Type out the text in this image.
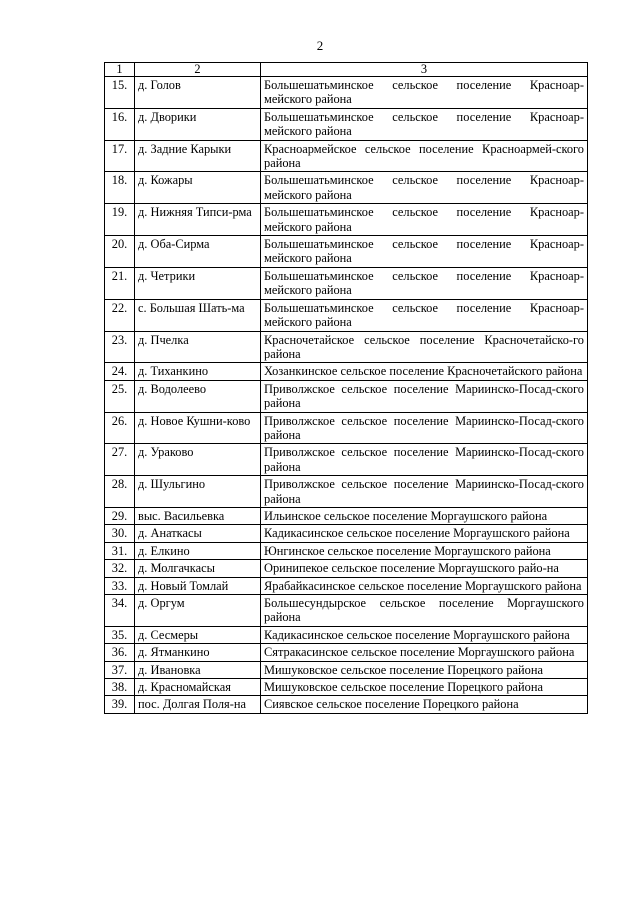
2
1	2	3
15.	д. Голов	Большешатьминское сельское поселение Красноар-мейского района
16.	д. Дворики	Большешатьминское сельское поселение Красноар-мейского района
17.	д. Задние Карыки	Красноармейское сельское поселение Красноармей-ского района
18.	д. Кожары	Большешатьминское сельское поселение Красноар-мейского района
19.	д. Нижняя Типси-рма	Большешатьминское сельское поселение Красноар-мейского района
20.	д. Оба-Сирма	Большешатьминское сельское поселение Красноар-мейского района
21.	д. Четрики	Большешатьминское сельское поселение Красноар-мейского района
22.	с. Большая Шать-ма	Большешатьминское сельское поселение Красноар-мейского района
23.	д. Пчелка	Красночетайское сельское поселение Красночетайско-го района
24.	д. Тиханкино	Хозанкинское сельское поселение Красночетайского района
25.	д. Водолеево	Приволжское сельское поселение Мариинско-Посад-ского района
26.	д. Новое Кушни-ково	Приволжское сельское поселение Мариинско-Посад-ского района
27.	д. Ураково	Приволжское сельское поселение Мариинско-Посад-ского района
28.	д. Шульгино	Приволжское сельское поселение Мариинско-Посад-ского района
29.	выс. Васильевка	Ильинское сельское поселение Моргаушского района
30.	д. Анаткасы	Кадикасинское сельское поселение Моргаушского района
31.	д. Елкино	Юнгинское сельское поселение Моргаушского района
32.	д. Молгачкасы	Оринипекое сельское поселение Моргаушского райо-на
33.	д. Новый Томлай	Ярабайкасинское сельское поселение Моргаушского района
34.	д. Оргум	Большесундырское сельское поселение Моргаушского района
35.	д. Сесмеры	Кадикасинское сельское поселение Моргаушского района
36.	д. Ятманкино	Сятракасинское сельское поселение Моргаушского района
37.	д. Ивановка	Мишуковское сельское поселение Порецкого района
38.	д. Красномайская	Мишуковское сельское поселение Порецкого района
39.	пос. Долгая Поля-на	Сиявское сельское поселение Порецкого района
